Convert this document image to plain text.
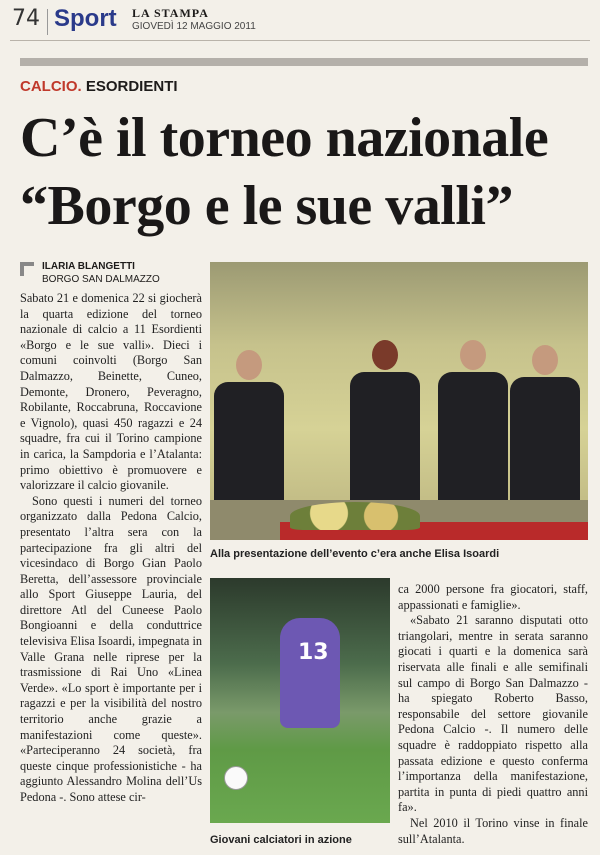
74 Sport LA STAMPA
GIOVEDÌ 12 MAGGIO 2011
CALCIO. ESORDIENTI
C’è il torneo nazionale
“Borgo e le sue valli”
ILARIA BLANGETTI
BORGO SAN DALMAZZO

Sabato 21 e domenica 22 si giocherà la quarta edizione del torneo nazionale di calcio a 11 Esordienti «Borgo e le sue valli». Dieci i comuni coinvolti (Borgo San Dalmazzo, Beinette, Cuneo, Demonte, Dronero, Peveragno, Robilante, Roccabruna, Roccavione e Vignolo), quasi 450 ragazzi e 24 squadre, fra cui il Torino campione in carica, la Sampdoria e l’Atalanta: primo obiettivo è promuovere e valorizzare il calcio giovanile.

Sono questi i numeri del torneo organizzato dalla Pedona Calcio, presentato l’altra sera con la partecipazione fra gli altri del vicesindaco di Borgo Gian Paolo Beretta, dell’assessore provinciale allo Sport Giuseppe Lauria, del direttore Atl del Cuneese Paolo Bongioanni e della conduttrice televisiva Elisa Isoardi, impegnata in Valle Grana nelle riprese per la trasmissione di Rai Uno «Linea Verde». «Lo sport è importante per i ragazzi e per la visibilità del nostro territorio anche grazie a manifestazioni come queste». «Parteciperanno 24 società, fra queste cinque professionistiche - ha aggiunto Alessandro Molina dell’Us Pedona -. Sono attese cir-

Alla presentazione dell’evento c’era anche Elisa Isoardi
13
Giovani calciatori in azione

ca 2000 persone fra giocatori, staff, appassionati e famiglie».

«Sabato 21 saranno disputati otto triangolari, mentre in serata saranno giocati i quarti e la domenica sarà riservata alle finali e alle semifinali sul campo di Borgo San Dalmazzo - ha spiegato Roberto Basso, responsabile del settore giovanile Pedona Calcio -. Il numero delle squadre è raddoppiato rispetto alla passata edizione e questo conferma l’importanza della manifestazione, partita in punta di piedi quattro anni fa».

Nel 2010 il Torino vinse in finale sull’Atalanta.
